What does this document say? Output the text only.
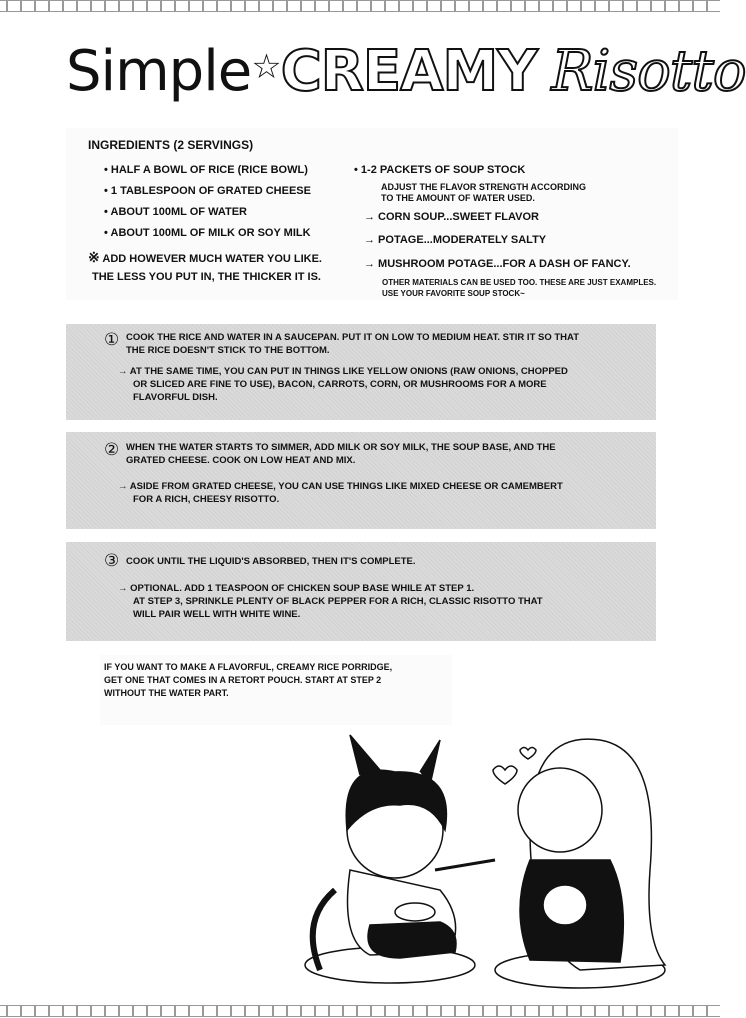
Simple☆CREAMY Risotto
INGREDIENTS (2 SERVINGS)
• HALF A BOWL OF RICE (RICE BOWL)
• 1 TABLESPOON OF GRATED CHEESE
• ABOUT 100ML OF WATER
• ABOUT 100ML OF MILK OR SOY MILK
※ ADD HOWEVER MUCH WATER YOU LIKE.
THE LESS YOU PUT IN, THE THICKER IT IS.
• 1-2 PACKETS OF SOUP STOCK
ADJUST THE FLAVOR STRENGTH ACCORDING
TO THE AMOUNT OF WATER USED.
→ CORN SOUP...SWEET FLAVOR
→ POTAGE...MODERATELY SALTY
→ MUSHROOM POTAGE...FOR A DASH OF FANCY.
OTHER MATERIALS CAN BE USED TOO. THESE ARE JUST EXAMPLES.
USE YOUR FAVORITE SOUP STOCK~
① COOK THE RICE AND WATER IN A SAUCEPAN. PUT IT ON LOW TO MEDIUM HEAT. STIR IT SO THAT
THE RICE DOESN'T STICK TO THE BOTTOM.
→ AT THE SAME TIME, YOU CAN PUT IN THINGS LIKE YELLOW ONIONS (RAW ONIONS, CHOPPED
OR SLICED ARE FINE TO USE), BACON, CARROTS, CORN, OR MUSHROOMS FOR A MORE
FLAVORFUL DISH.
② WHEN THE WATER STARTS TO SIMMER, ADD MILK OR SOY MILK, THE SOUP BASE, AND THE
GRATED CHEESE. COOK ON LOW HEAT AND MIX.
→ ASIDE FROM GRATED CHEESE, YOU CAN USE THINGS LIKE MIXED CHEESE OR CAMEMBERT
FOR A RICH, CHEESY RISOTTO.
③ COOK UNTIL THE LIQUID'S ABSORBED, THEN IT'S COMPLETE.
→ OPTIONAL. ADD 1 TEASPOON OF CHICKEN SOUP BASE WHILE AT STEP 1.
AT STEP 3, SPRINKLE PLENTY OF BLACK PEPPER FOR A RICH, CLASSIC RISOTTO THAT
WILL PAIR WELL WITH WHITE WINE.
IF YOU WANT TO MAKE A FLAVORFUL, CREAMY RICE PORRIDGE,
GET ONE THAT COMES IN A RETORT POUCH. START AT STEP 2
WITHOUT THE WATER PART.
